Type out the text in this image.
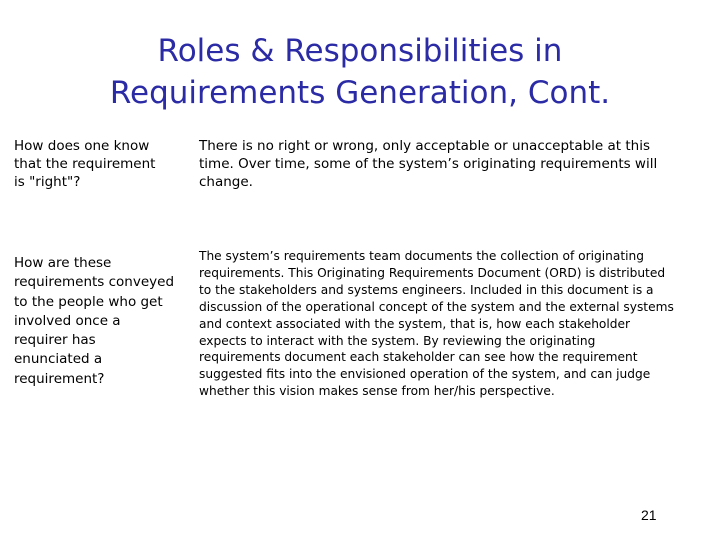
Roles & Responsibilities in
Requirements Generation, Cont.
How does one know
that the requirement
is "right"?
There is no right or wrong, only acceptable or unacceptable at this
time. Over time, some of the system’s originating requirements will
change.
How are these
requirements conveyed
to the people who get
involved once a
requirer has
enunciated a
requirement?
The system’s requirements team documents the collection of originating
requirements. This Originating Requirements Document (ORD) is distributed
to the stakeholders and systems engineers. Included in this document is a
discussion of the operational concept of the system and the external systems
and context associated with the system, that is, how each stakeholder
expects to interact with the system. By reviewing the originating
requirements document each stakeholder can see how the requirement
suggested fits into the envisioned operation of the system, and can judge
whether this vision makes sense from her/his perspective.
21
